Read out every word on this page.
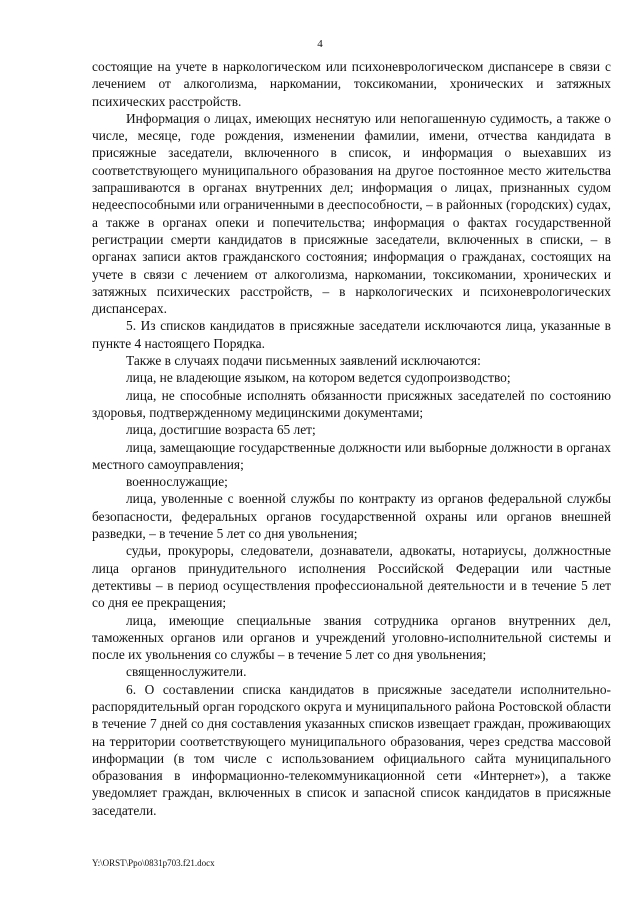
4

состоящие на учете в наркологическом или психоневрологическом диспансере в связи с лечением от алкоголизма, наркомании, токсикомании, хронических и затяжных психических расстройств.

Информация о лицах, имеющих неснятую или непогашенную судимость, а также о числе, месяце, годе рождения, изменении фамилии, имени, отчества кандидата в присяжные заседатели, включенного в список, и информация о выехавших из соответствующего муниципального образования на другое постоянное место жительства запрашиваются в органах внутренних дел; информация о лицах, признанных судом недееспособными или ограниченными в дееспособности, – в районных (городских) судах, а также в органах опеки и попечительства; информация о фактах государственной регистрации смерти кандидатов в присяжные заседатели, включенных в списки, – в органах записи актов гражданского состояния; информация о гражданах, состоящих на учете в связи с лечением от алкоголизма, наркомании, токсикомании, хронических и затяжных психических расстройств, – в наркологических и психоневрологических диспансерах.

5. Из списков кандидатов в присяжные заседатели исключаются лица, указанные в пункте 4 настоящего Порядка.

Также в случаях подачи письменных заявлений исключаются:

лица, не владеющие языком, на котором ведется судопроизводство;

лица, не способные исполнять обязанности присяжных заседателей по состоянию здоровья, подтвержденному медицинскими документами;

лица, достигшие возраста 65 лет;

лица, замещающие государственные должности или выборные должности в органах местного самоуправления;

военнослужащие;

лица, уволенные с военной службы по контракту из органов федеральной службы безопасности, федеральных органов государственной охраны или органов внешней разведки, – в течение 5 лет со дня увольнения;

судьи, прокуроры, следователи, дознаватели, адвокаты, нотариусы, должностные лица органов принудительного исполнения Российской Федерации или частные детективы – в период осуществления профессиональной деятельности и в течение 5 лет со дня ее прекращения;

лица, имеющие специальные звания сотрудника органов внутренних дел, таможенных органов или органов и учреждений уголовно-исполнительной системы и после их увольнения со службы – в течение 5 лет со дня увольнения;

священнослужители.

6. О составлении списка кандидатов в присяжные заседатели исполнительно-распорядительный орган городского округа и муниципального района Ростовской области в течение 7 дней со дня составления указанных списков извещает граждан, проживающих на территории соответствующего муниципального образования, через средства массовой информации (в том числе с использованием официального сайта муниципального образования в информационно-телекоммуникационной сети «Интернет»), а также уведомляет граждан, включенных в список и запасной список кандидатов в присяжные заседатели.

Y:\ORST\Ppo\0831p703.f21.docx
